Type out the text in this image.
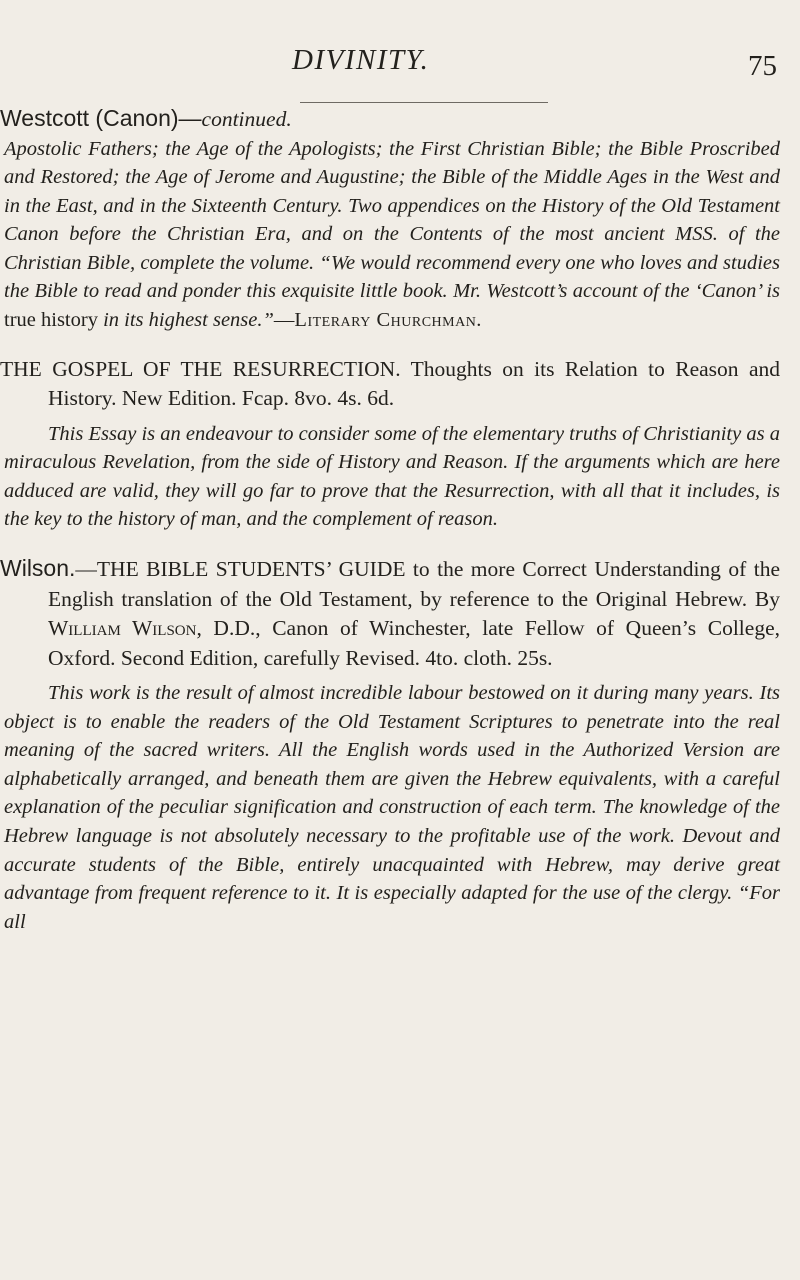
DIVINITY.	75

Westcott (Canon)—continued.

Apostolic Fathers; the Age of the Apologists; the First Christian Bible; the Bible Proscribed and Restored; the Age of Jerome and Augustine; the Bible of the Middle Ages in the West and in the East, and in the Sixteenth Century. Two appendices on the History of the Old Testament Canon before the Christian Era, and on the Contents of the most ancient MSS. of the Christian Bible, complete the volume. “We would recommend every one who loves and studies the Bible to read and ponder this exquisite little book. Mr. Westcott’s account of the ‘Canon’ is true history in its highest sense.”—Literary Churchman.

THE GOSPEL OF THE RESURRECTION. Thoughts on its Relation to Reason and History. New Edition. Fcap. 8vo. 4s. 6d.

This Essay is an endeavour to consider some of the elementary truths of Christianity as a miraculous Revelation, from the side of History and Reason. If the arguments which are here adduced are valid, they will go far to prove that the Resurrection, with all that it includes, is the key to the history of man, and the complement of reason.

Wilson.—THE BIBLE STUDENTS’ GUIDE to the more Correct Understanding of the English translation of the Old Testament, by reference to the Original Hebrew. By William Wilson, D.D., Canon of Winchester, late Fellow of Queen’s College, Oxford. Second Edition, carefully Revised. 4to. cloth. 25s.

This work is the result of almost incredible labour bestowed on it during many years. Its object is to enable the readers of the Old Testament Scriptures to penetrate into the real meaning of the sacred writers. All the English words used in the Authorized Version are alphabetically arranged, and beneath them are given the Hebrew equivalents, with a careful explanation of the peculiar signification and construction of each term. The knowledge of the Hebrew language is not absolutely necessary to the profitable use of the work. Devout and accurate students of the Bible, entirely unacquainted with Hebrew, may derive great advantage from frequent reference to it. It is especially adapted for the use of the clergy. “For all
